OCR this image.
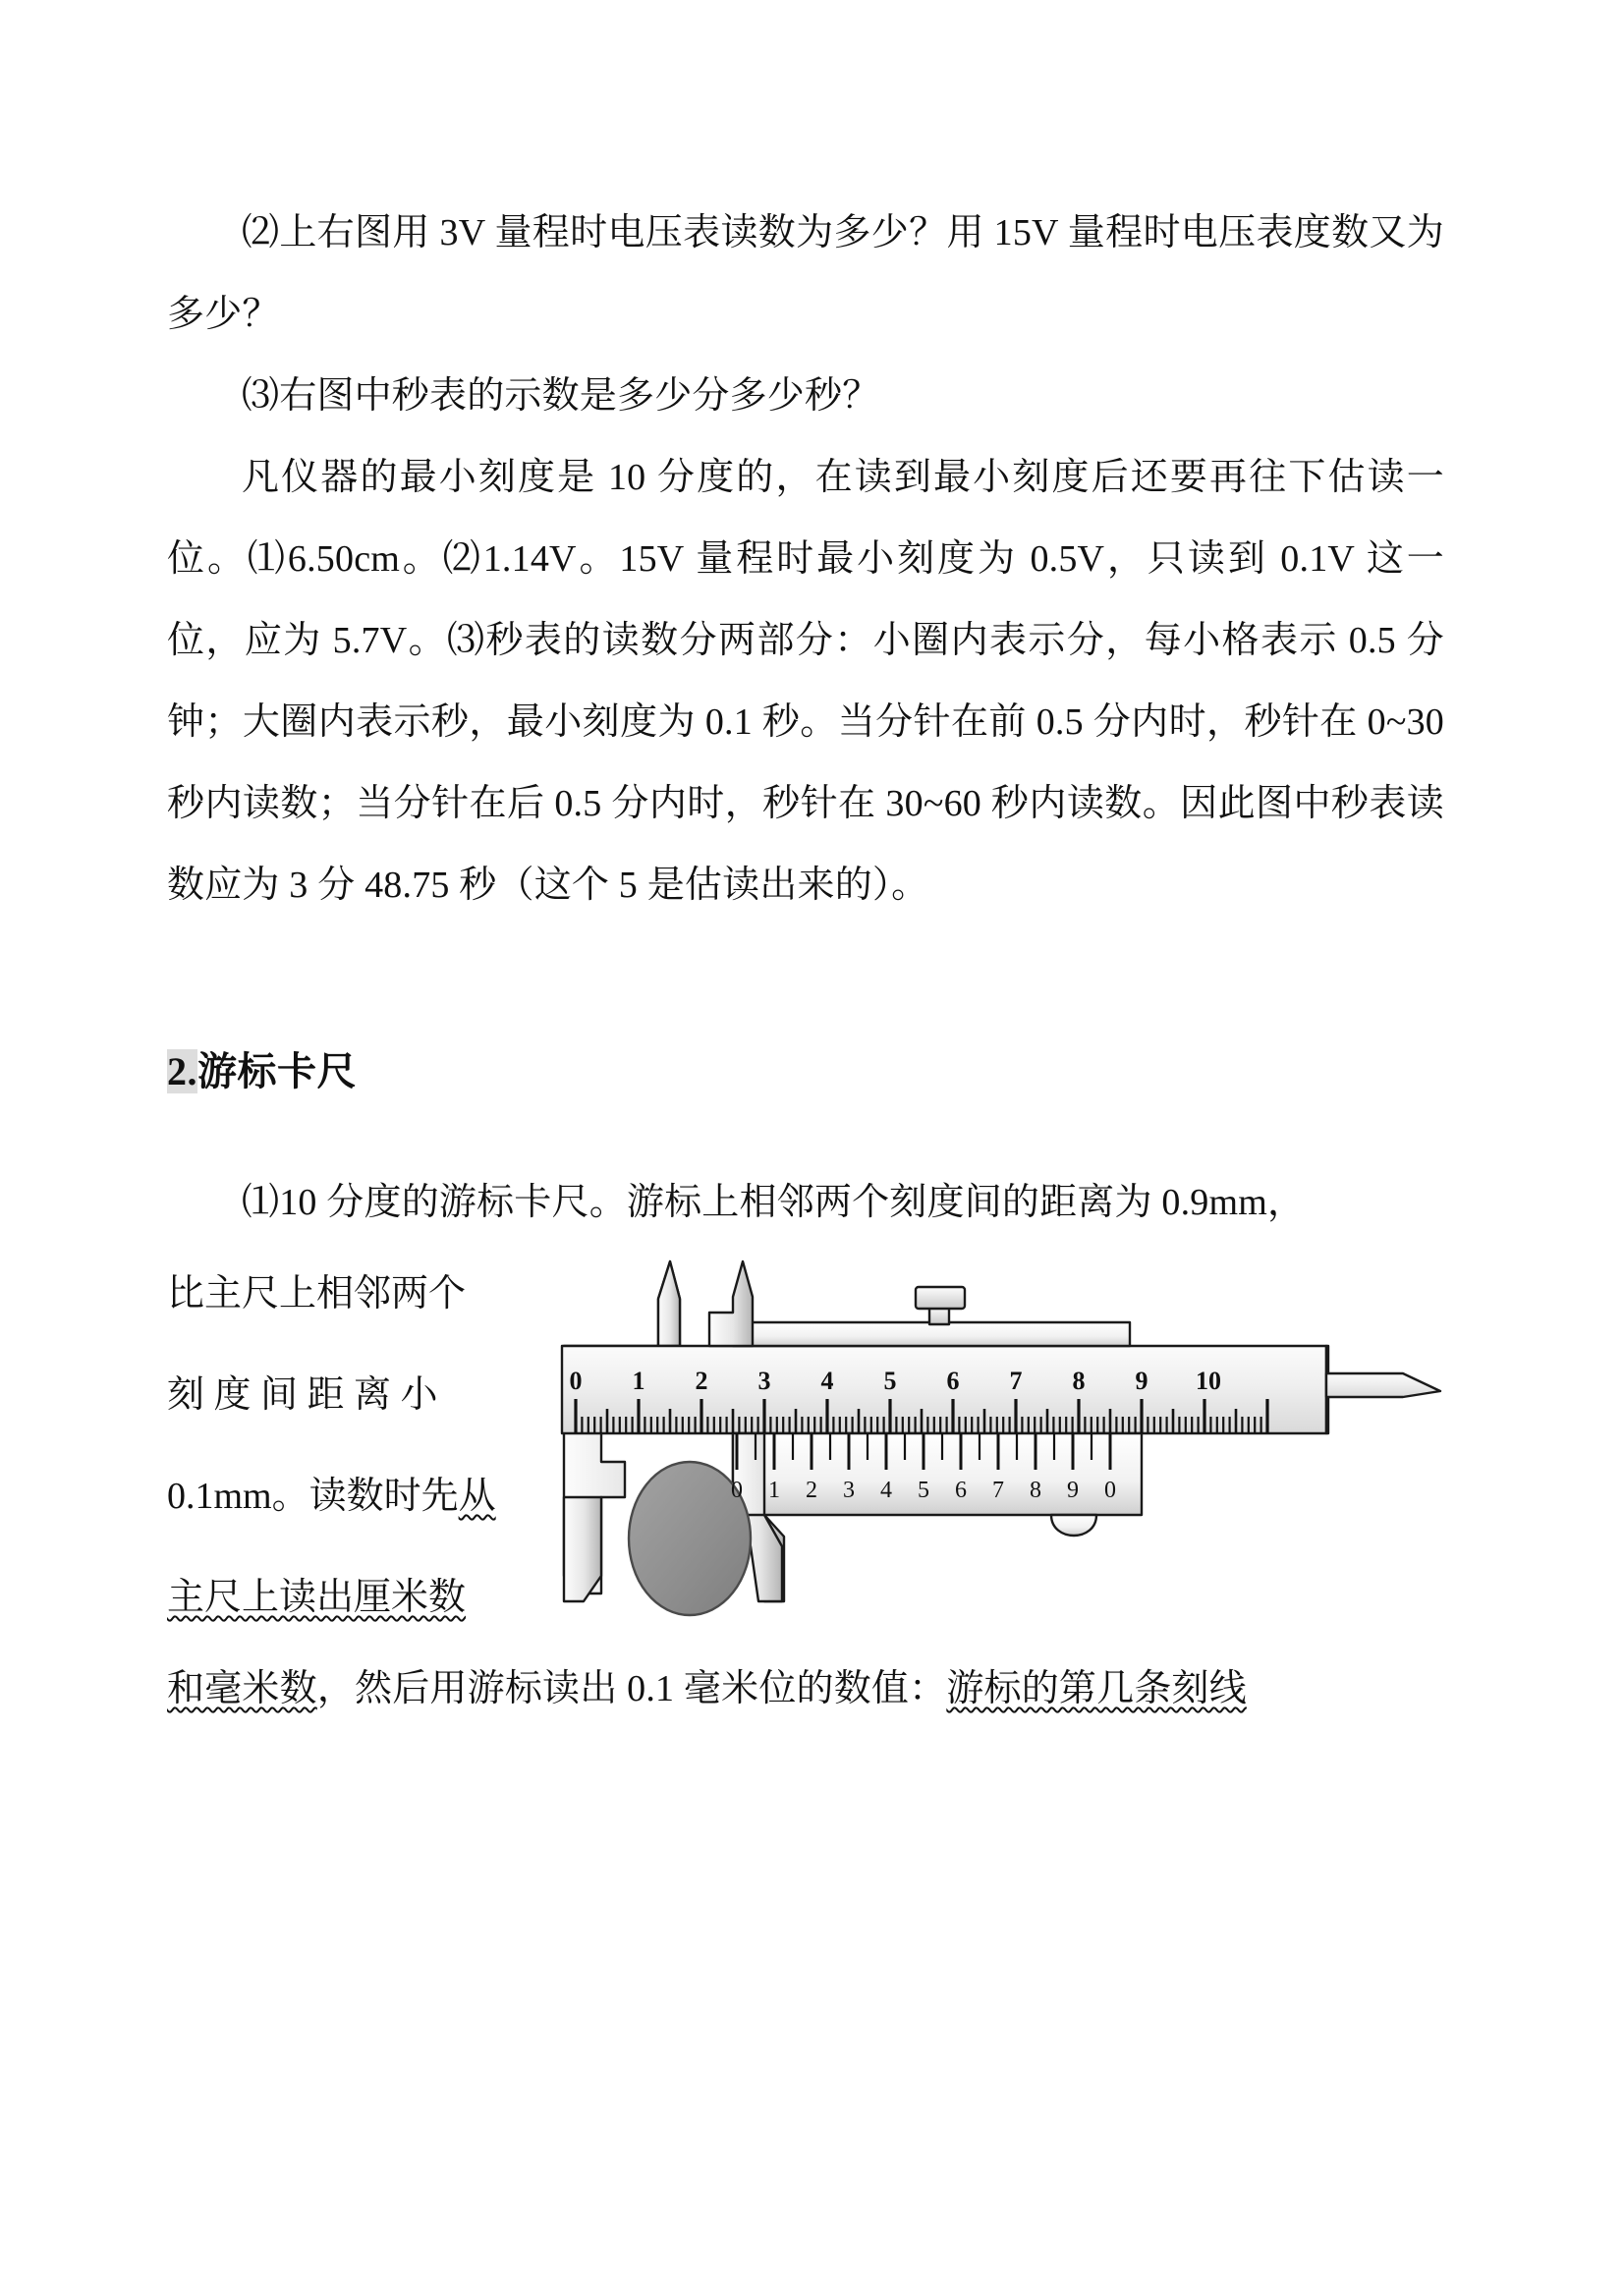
⑵上右图用 3V 量程时电压表读数为多少？用 15V 量程时电压表度数又为多少？

⑶右图中秒表的示数是多少分多少秒？

凡仪器的最小刻度是 10 分度的，在读到最小刻度后还要再往下估读一位。⑴6.50cm。⑵1.14V。15V 量程时最小刻度为 0.5V，只读到 0.1V 这一位，应为 5.7V。⑶秒表的读数分两部分：小圈内表示分，每小格表示 0.5 分钟；大圈内表示秒，最小刻度为 0.1 秒。当分针在前 0.5 分内时，秒针在 0~30 秒内读数；当分针在后 0.5 分内时，秒针在 30~60 秒内读数。因此图中秒表读数应为 3 分 48.75 秒（这个 5 是估读出来的）。

2.游标卡尺

⑴10 分度的游标卡尺。游标上相邻两个刻度间的距离为 0.9mm，

0 1 2 3 4 5 6 7 8 9 10
0 1 2 3 4 5 6 7 8 9 0

比主尺上相邻两个

刻 度 间 距 离 小

0.1mm。读数时先从

主尺上读出厘米数

和毫米数，然后用游标读出 0.1 毫米位的数值：游标的第几条刻线
